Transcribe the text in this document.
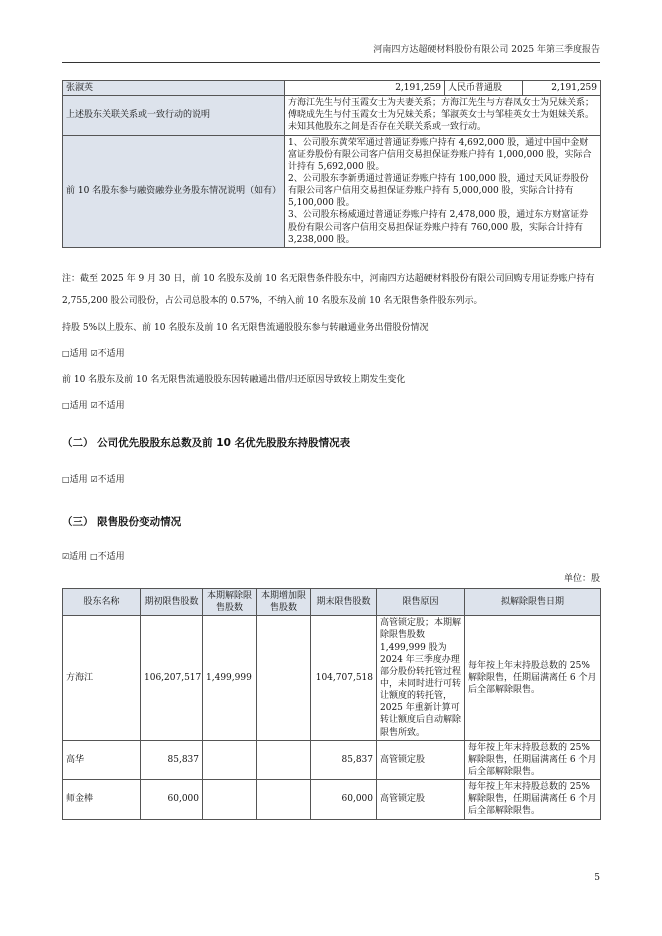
河南四方达超硬材料股份有限公司 2025 年第三季度报告
张淑英	2,191,259	人民币普通股	2,191,259
上述股东关联关系或一致行动的说明	方海江先生与付玉霞女士为夫妻关系；方海江先生与方春凤女士为兄妹关系；傅晓成先生与付玉霞女士为兄妹关系；邹淑英女士与邹桂英女士为姐妹关系。未知其他股东之间是否存在关联关系或一致行动。		
前 10 名股东参与融资融券业务股东情况说明（如有）	1、公司股东黄荣军通过普通证券账户持有 4,692,000 股，通过中国中金财富证券股份有限公司客户信用交易担保证券账户持有 1,000,000 股，实际合计持有 5,692,000 股。
2、公司股东李新勇通过普通证券账户持有 100,000 股，通过天风证券股份有限公司客户信用交易担保证券账户持有 5,000,000 股，实际合计持有 5,100,000 股。
3、公司股东杨威通过普通证券账户持有 2,478,000 股，通过东方财富证券股份有限公司客户信用交易担保证券账户持有 760,000 股，实际合计持有 3,238,000 股。		
注：截至 2025 年 9 月 30 日，前 10 名股东及前 10 名无限售条件股东中，河南四方达超硬材料股份有限公司回购专用证券账户持有 2,755,200 股公司股份，占公司总股本的 0.57%，不纳入前 10 名股东及前 10 名无限售条件股东列示。
持股 5%以上股东、前 10 名股东及前 10 名无限售流通股股东参与转融通业务出借股份情况
□适用 ☑不适用
前 10 名股东及前 10 名无限售流通股股东因转融通出借/归还原因导致较上期发生变化
□适用 ☑不适用
（二） 公司优先股股东总数及前 10 名优先股股东持股情况表
□适用 ☑不适用
（三） 限售股份变动情况
☑适用 □不适用
单位：股
股东名称	期初限售股数	本期解除限售股数	本期增加限售股数	期末限售股数	限售原因	拟解除限售日期
方海江	106,207,517	1,499,999		104,707,518	高管锁定股；本期解除限售股数 1,499,999 股为 2024 年三季度办理部分股份转托管过程中，未同时进行可转让额度的转托管，2025 年重新计算可转让额度后自动解除限售所致。	每年按上年末持股总数的 25%解除限售，任期届满离任 6 个月后全部解除限售。
高华	85,837			85,837	高管锁定股	每年按上年末持股总数的 25%解除限售，任期届满离任 6 个月后全部解除限售。
师金棒	60,000			60,000	高管锁定股	每年按上年末持股总数的 25%解除限售，任期届满离任 6 个月后全部解除限售。
5
